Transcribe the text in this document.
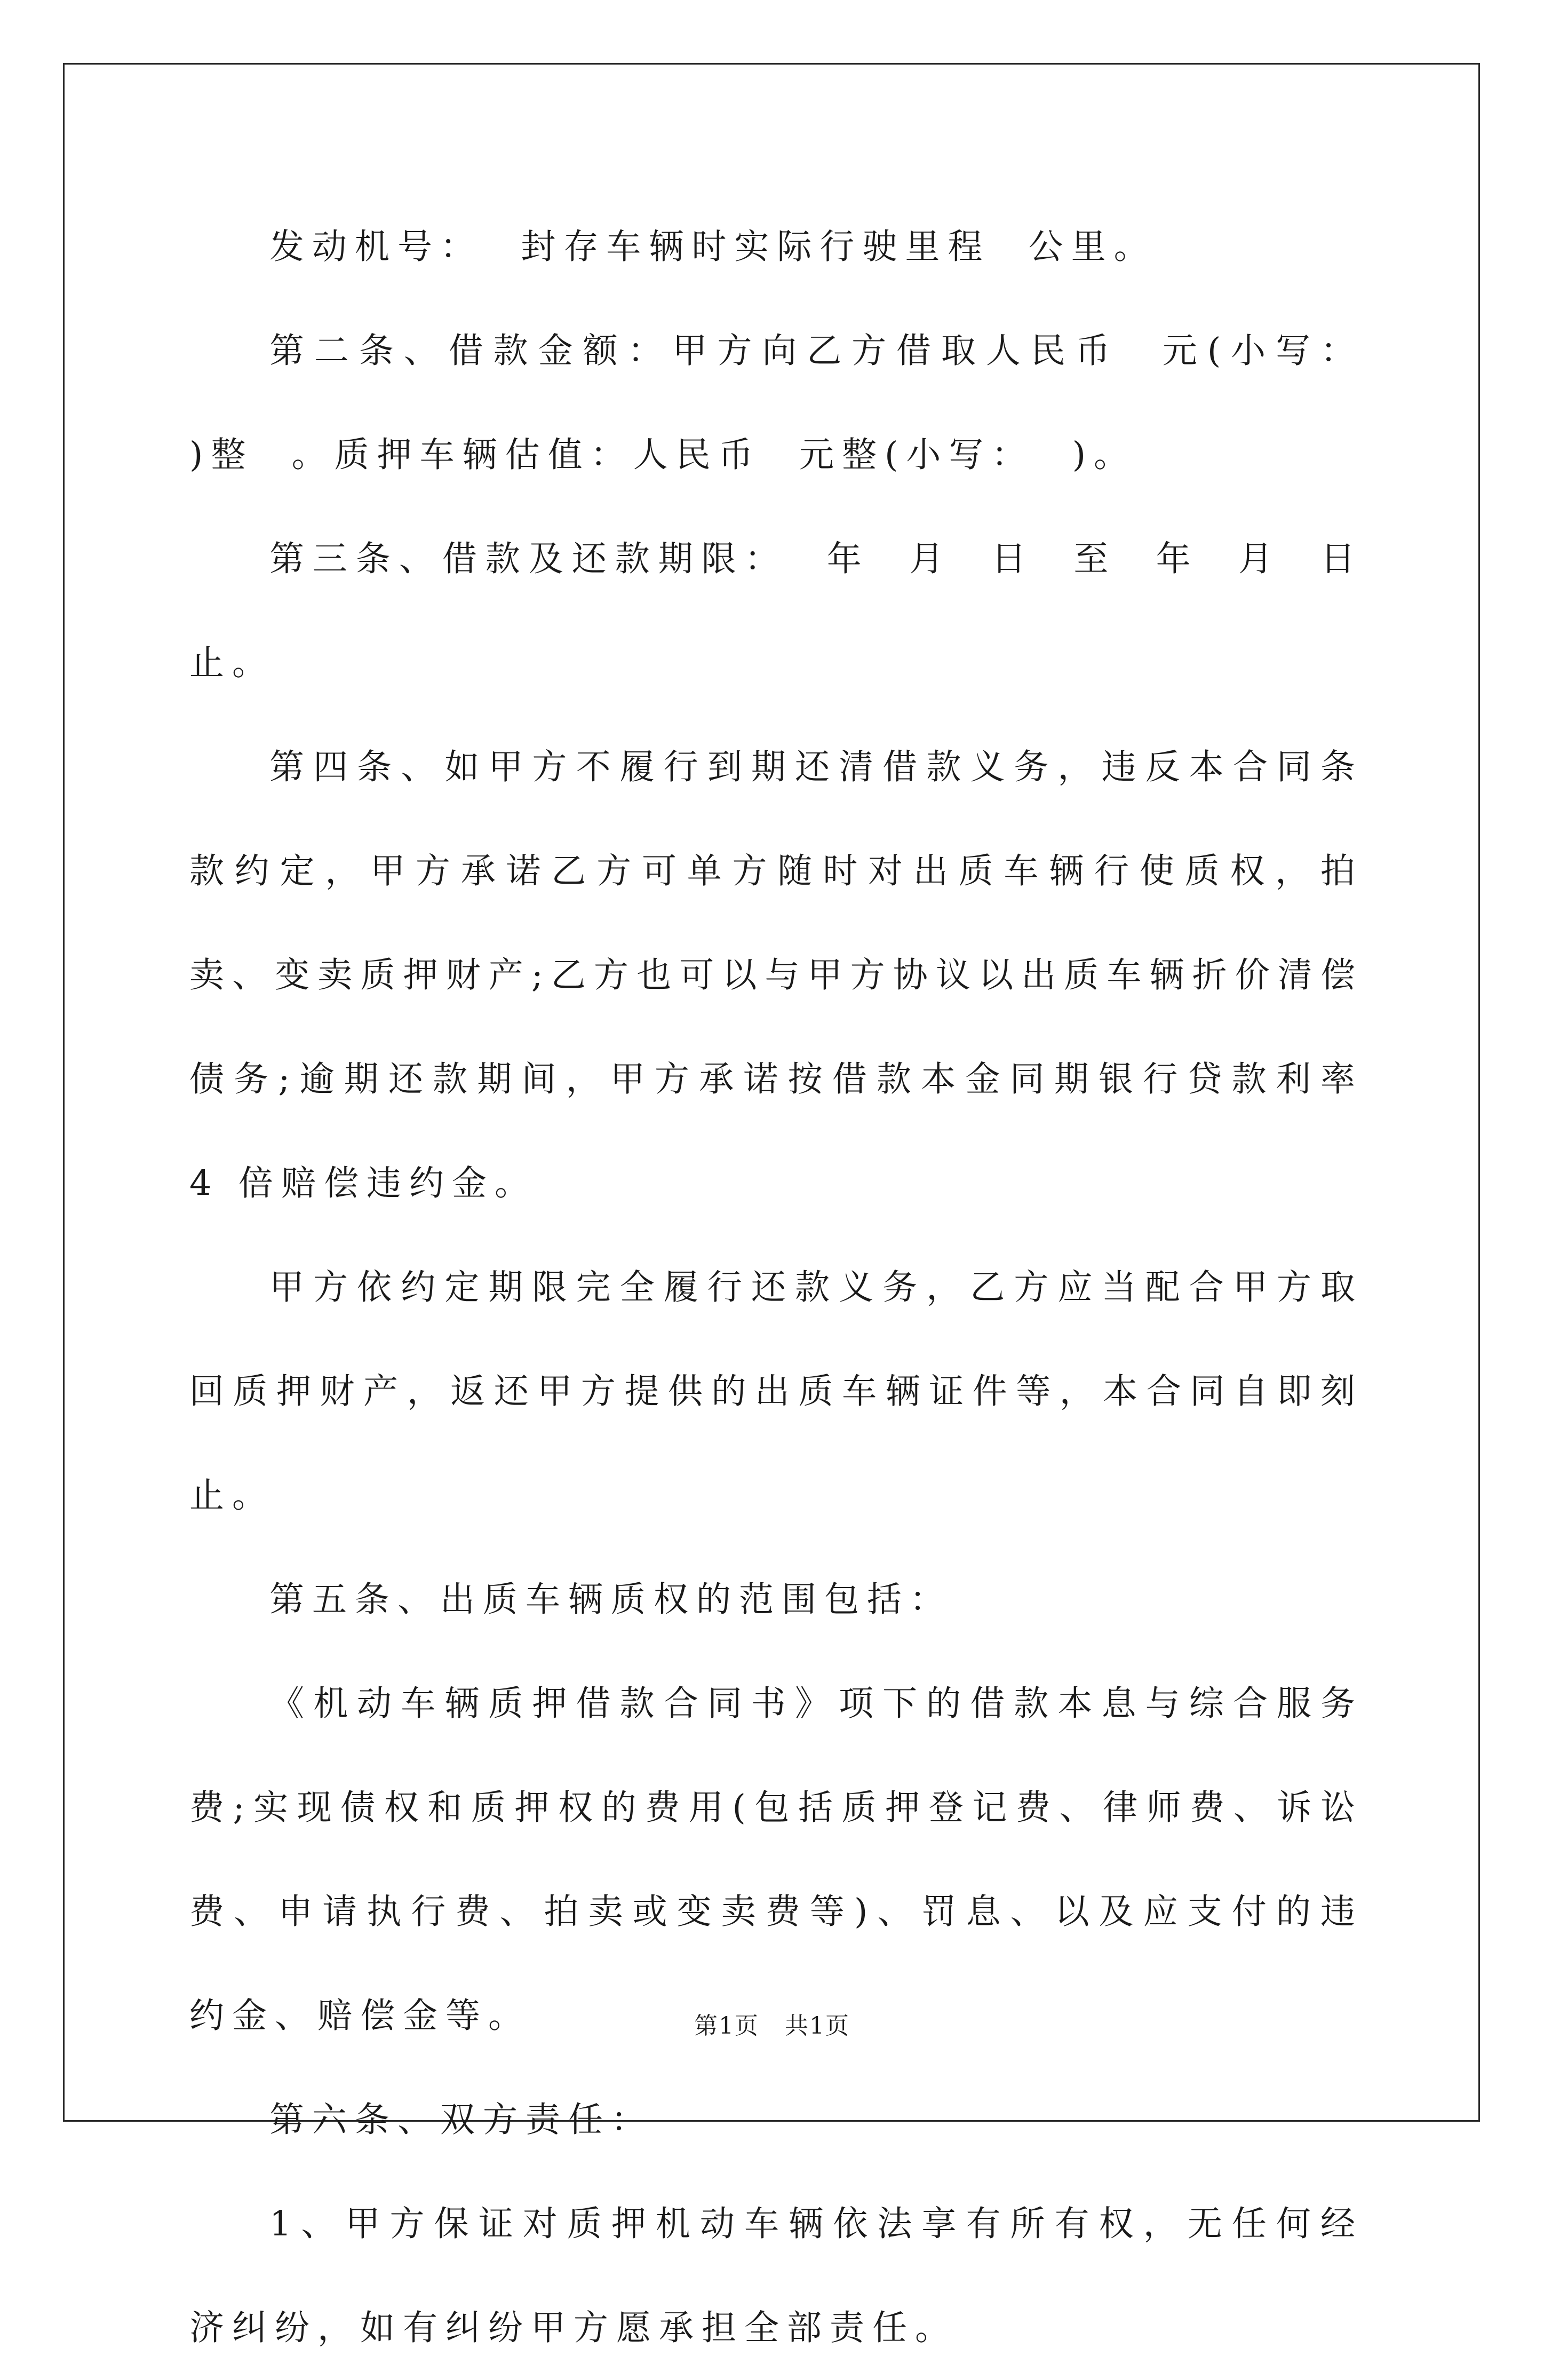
发动机号：  封存车辆时实际行驶里程  公里。

第二条、借款金额：甲方向乙方借取人民币  元(小写：  )整  。质押车辆估值：人民币  元整(小写：  )。

第三条、借款及还款期限：  年  月  日  至  年  月  日止。

第四条、如甲方不履行到期还清借款义务，违反本合同条款约定，甲方承诺乙方可单方随时对出质车辆行使质权，拍卖、变卖质押财产;乙方也可以与甲方协议以出质车辆折价清偿债务;逾期还款期间，甲方承诺按借款本金同期银行贷款利率 4 倍赔偿违约金。

甲方依约定期限完全履行还款义务，乙方应当配合甲方取回质押财产，返还甲方提供的出质车辆证件等，本合同自即刻止。

第五条、出质车辆质权的范围包括：

《机动车辆质押借款合同书》项下的借款本息与综合服务费;实现债权和质押权的费用(包括质押登记费、律师费、诉讼费、申请执行费、拍卖或变卖费等)、罚息、以及应支付的违约金、赔偿金等。

第六条、双方责任：

1、甲方保证对质押机动车辆依法享有所有权，无任何经济纠纷，如有纠纷甲方愿承担全部责任。

第1页   共1页
